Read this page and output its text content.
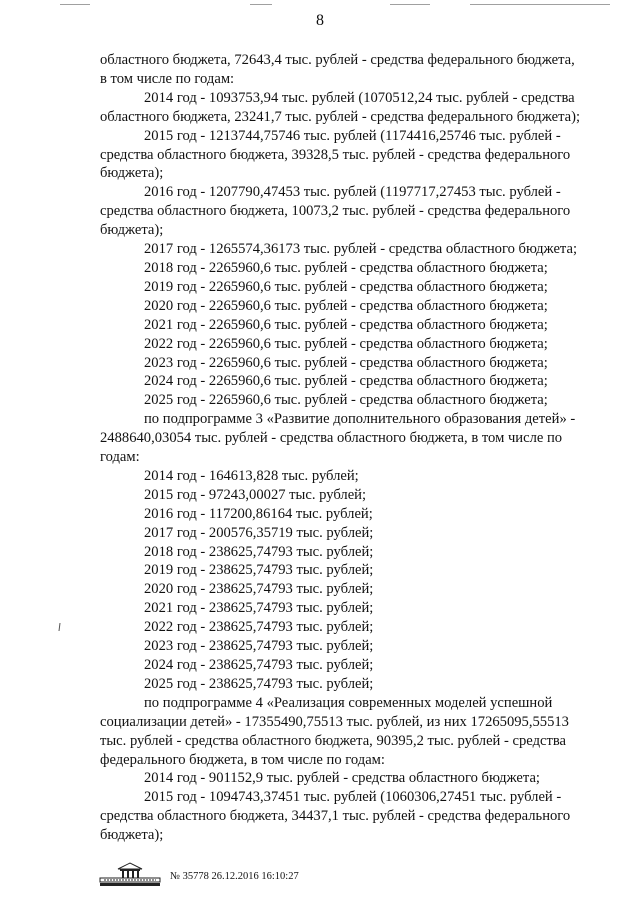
8
областного бюджета, 72643,4 тыс. рублей - средства федерального бюджета,
в том числе по годам:
2014 год - 1093753,94 тыс. рублей (1070512,24 тыс. рублей - средства
областного бюджета, 23241,7 тыс. рублей - средства федерального бюджета);
2015 год - 1213744,75746 тыс. рублей (1174416,25746 тыс. рублей -
средства областного бюджета, 39328,5 тыс. рублей - средства федерального
бюджета);
2016 год - 1207790,47453 тыс. рублей (1197717,27453 тыс. рублей -
средства областного бюджета, 10073,2 тыс. рублей - средства федерального
бюджета);
2017 год - 1265574,36173 тыс. рублей - средства областного бюджета;
2018 год - 2265960,6 тыс. рублей - средства областного бюджета;
2019 год - 2265960,6 тыс. рублей - средства областного бюджета;
2020 год - 2265960,6 тыс. рублей - средства областного бюджета;
2021 год - 2265960,6 тыс. рублей - средства областного бюджета;
2022 год - 2265960,6 тыс. рублей - средства областного бюджета;
2023 год - 2265960,6 тыс. рублей - средства областного бюджета;
2024 год - 2265960,6 тыс. рублей - средства областного бюджета;
2025 год - 2265960,6 тыс. рублей - средства областного бюджета;
по подпрограмме 3 «Развитие дополнительного образования детей» -
2488640,03054 тыс. рублей - средства областного бюджета, в том числе по
годам:
2014 год - 164613,828 тыс. рублей;
2015 год - 97243,00027 тыс. рублей;
2016 год - 117200,86164 тыс. рублей;
2017 год - 200576,35719 тыс. рублей;
2018 год - 238625,74793 тыс. рублей;
2019 год - 238625,74793 тыс. рублей;
2020 год - 238625,74793 тыс. рублей;
2021 год - 238625,74793 тыс. рублей;
2022 год - 238625,74793 тыс. рублей;
2023 год - 238625,74793 тыс. рублей;
2024 год - 238625,74793 тыс. рублей;
2025 год - 238625,74793 тыс. рублей;
по подпрограмме 4 «Реализация современных моделей успешной
социализации детей» - 17355490,75513 тыс. рублей, из них 17265095,55513
тыс. рублей - средства областного бюджета, 90395,2 тыс. рублей - средства
федерального бюджета, в том числе по годам:
2014 год - 901152,9 тыс. рублей - средства областного бюджета;
2015 год - 1094743,37451 тыс. рублей (1060306,27451 тыс. рублей -
средства областного бюджета, 34437,1 тыс. рублей - средства федерального
бюджета);
№ 35778 26.12.2016 16:10:27
